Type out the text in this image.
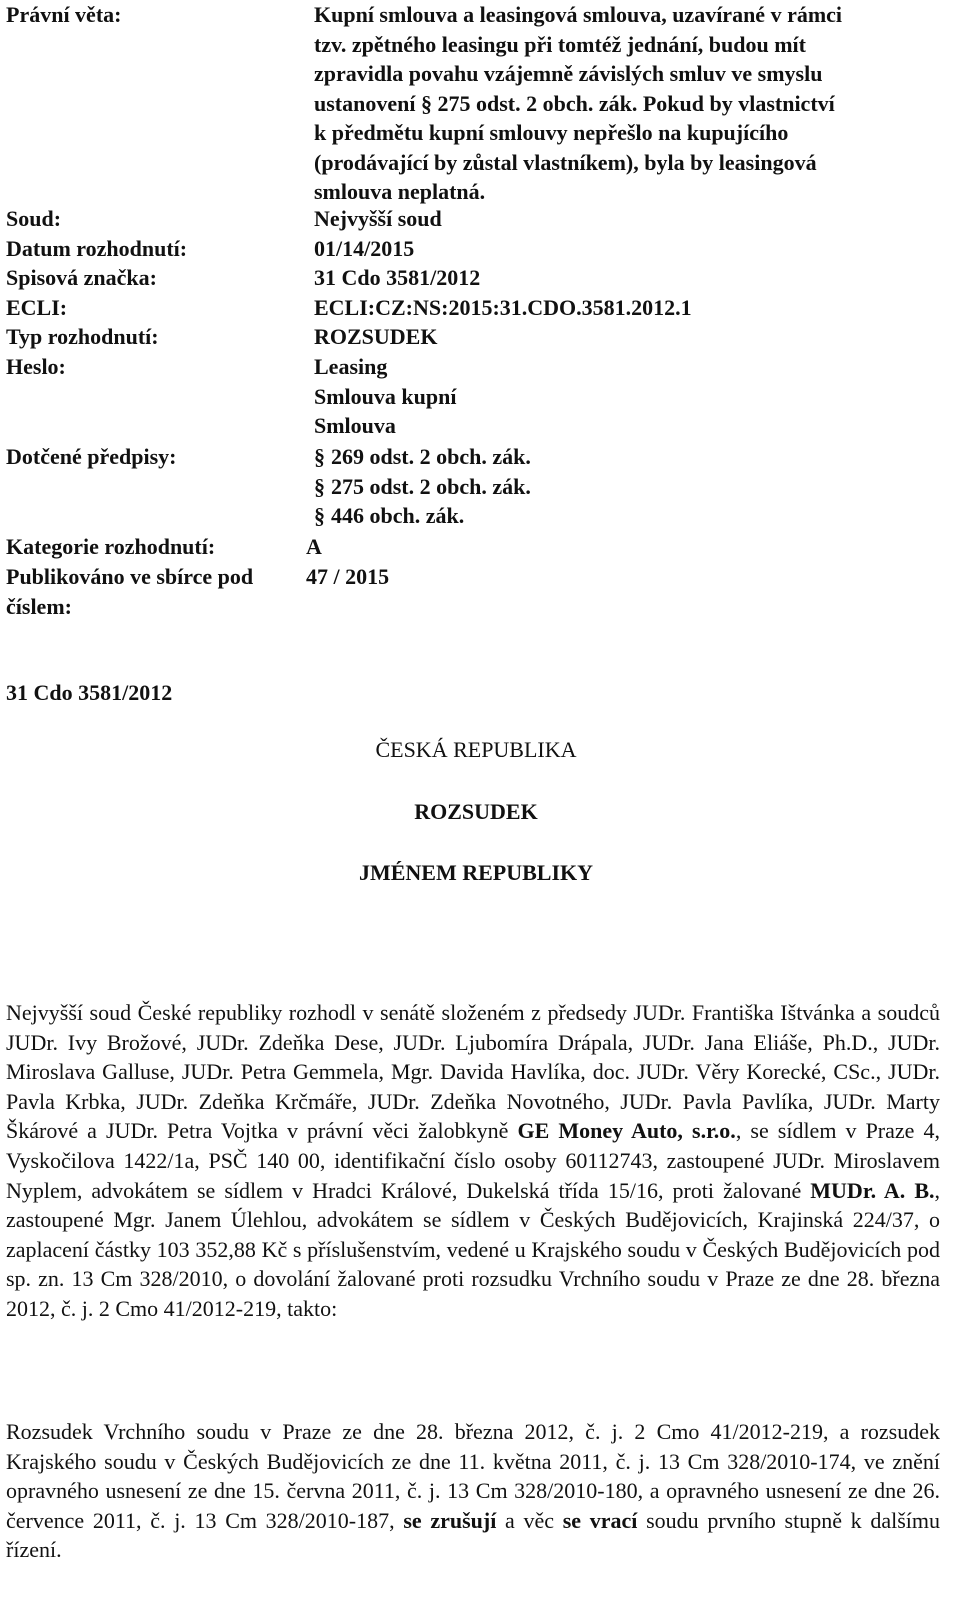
Právní věta:	Kupní smlouva a leasingová smlouva, uzavírané v rámci
tzv. zpětného leasingu při tomtéž jednání, budou mít
zpravidla povahu vzájemně závislých smluv ve smyslu
ustanovení § 275 odst. 2 obch. zák. Pokud by vlastnictví
k předmětu kupní smlouvy nepřešlo na kupujícího
(prodávající by zůstal vlastníkem), byla by leasingová
smlouva neplatná.
Soud:	Nejvyšší soud
Datum rozhodnutí:	01/14/2015
Spisová značka:	31 Cdo 3581/2012
ECLI:	ECLI:CZ:NS:2015:31.CDO.3581.2012.1
Typ rozhodnutí:	ROZSUDEK
Heslo:	Leasing
Smlouva kupní
Smlouva
Dotčené předpisy:	§ 269 odst. 2 obch. zák.
§ 275 odst. 2 obch. zák.
§ 446 obch. zák.
Kategorie rozhodnutí:	A
Publikováno ve sbírce pod číslem:
47 / 2015
31 Cdo 3581/2012
ČESKÁ REPUBLIKA
ROZSUDEK
JMÉNEM REPUBLIKY
Nejvyšší soud České republiky rozhodl v senátě složeném z předsedy JUDr. Františka Ištvánka a soudců JUDr. Ivy Brožové, JUDr. Zdeňka Dese, JUDr. Ljubomíra Drápala, JUDr. Jana Eliáše, Ph.D., JUDr. Miroslava Galluse, JUDr. Petra Gemmela, Mgr. Davida Havlíka, doc. JUDr. Věry Korecké, CSc., JUDr. Pavla Krbka, JUDr. Zdeňka Krčmáře, JUDr. Zdeňka Novotného, JUDr. Pavla Pavlíka, JUDr. Marty Škárové a JUDr. Petra Vojtka v právní věci žalobkyně GE Money Auto, s.r.o., se sídlem v Praze 4, Vyskočilova 1422/1a, PSČ 140 00, identifikační číslo osoby 60112743, zastoupené JUDr. Miroslavem Nyplem, advokátem se sídlem v Hradci Králové, Dukelská třída 15/16, proti žalované MUDr. A. B., zastoupené Mgr. Janem Úlehlou, advokátem se sídlem v Českých Budějovicích, Krajinská 224/37, o zaplacení částky 103 352,88 Kč s příslušenstvím, vedené u Krajského soudu v Českých Budějovicích pod sp. zn. 13 Cm 328/2010, o dovolání žalované proti rozsudku Vrchního soudu v Praze ze dne 28. března 2012, č. j. 2 Cmo 41/2012-219, takto:
Rozsudek Vrchního soudu v Praze ze dne 28. března 2012, č. j. 2 Cmo 41/2012-219, a rozsudek Krajského soudu v Českých Budějovicích ze dne 11. května 2011, č. j. 13 Cm 328/2010-174, ve znění opravného usnesení ze dne 15. června 2011, č. j. 13 Cm 328/2010-180, a opravného usnesení ze dne 26. července 2011, č. j. 13 Cm 328/2010-187, se zrušují a věc se vrací soudu prvního stupně k dalšímu řízení.
